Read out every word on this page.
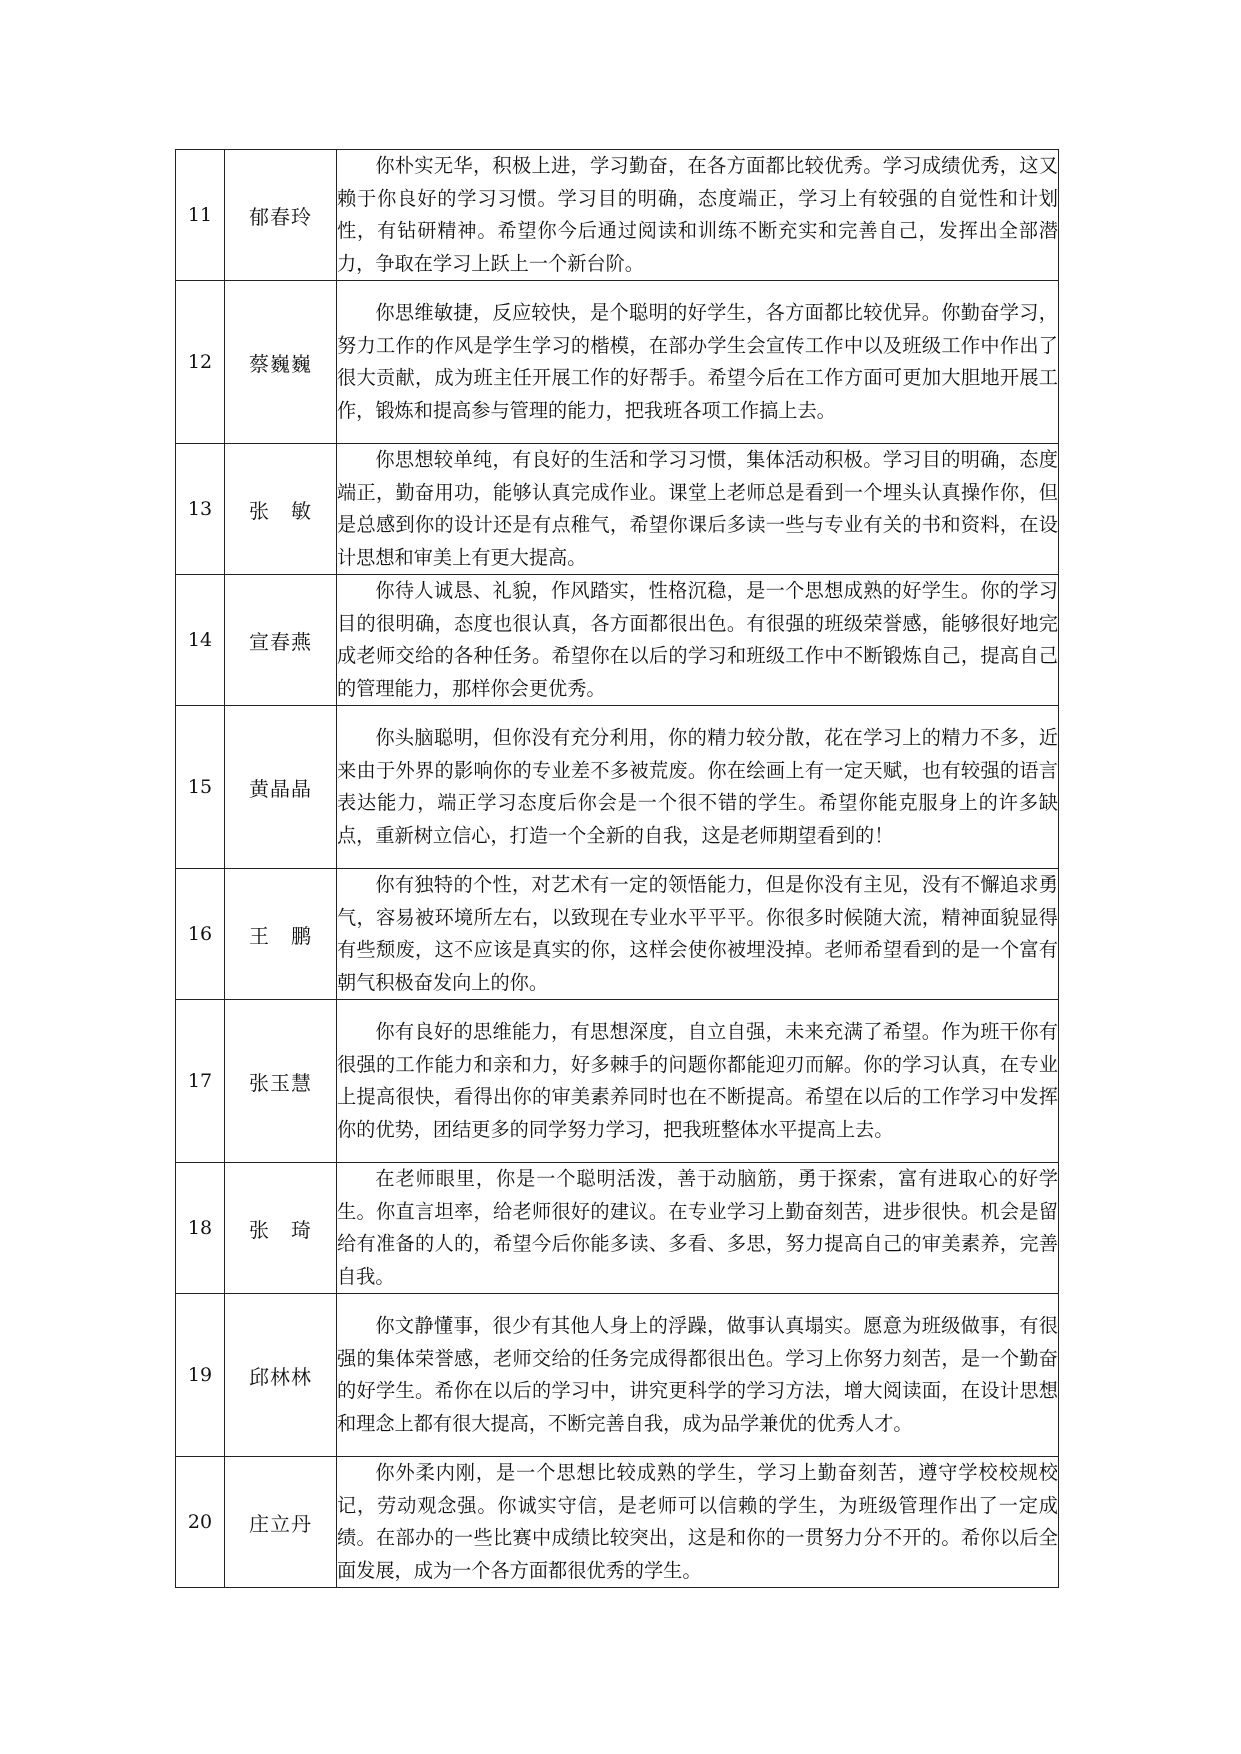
11	郁春玲	你朴实无华，积极上进，学习勤奋，在各方面都比较优秀。学习成绩优秀，这又赖于你良好的学习习惯。学习目的明确，态度端正，学习上有较强的自觉性和计划性，有钻研精神。希望你今后通过阅读和训练不断充实和完善自己，发挥出全部潜力，争取在学习上跃上一个新台阶。
12	蔡巍巍	你思维敏捷，反应较快，是个聪明的好学生，各方面都比较优异。你勤奋学习，努力工作的作风是学生学习的楷模，在部办学生会宣传工作中以及班级工作中作出了很大贡献，成为班主任开展工作的好帮手。希望今后在工作方面可更加大胆地开展工作，锻炼和提高参与管理的能力，把我班各项工作搞上去。
13	张　敏	你思想较单纯，有良好的生活和学习习惯，集体活动积极。学习目的明确，态度端正，勤奋用功，能够认真完成作业。课堂上老师总是看到一个埋头认真操作你，但是总感到你的设计还是有点稚气，希望你课后多读一些与专业有关的书和资料，在设计思想和审美上有更大提高。
14	宣春燕	你待人诚恳、礼貌，作风踏实，性格沉稳，是一个思想成熟的好学生。你的学习目的很明确，态度也很认真，各方面都很出色。有很强的班级荣誉感，能够很好地完成老师交给的各种任务。希望你在以后的学习和班级工作中不断锻炼自己，提高自己的管理能力，那样你会更优秀。
15	黄晶晶	你头脑聪明，但你没有充分利用，你的精力较分散，花在学习上的精力不多，近来由于外界的影响你的专业差不多被荒废。你在绘画上有一定天赋，也有较强的语言表达能力，端正学习态度后你会是一个很不错的学生。希望你能克服身上的许多缺点，重新树立信心，打造一个全新的自我，这是老师期望看到的！
16	王　鹏	你有独特的个性，对艺术有一定的领悟能力，但是你没有主见，没有不懈追求勇气，容易被环境所左右，以致现在专业水平平平。你很多时候随大流，精神面貌显得有些颓废，这不应该是真实的你，这样会使你被埋没掉。老师希望看到的是一个富有朝气积极奋发向上的你。
17	张玉慧	你有良好的思维能力，有思想深度，自立自强，未来充满了希望。作为班干你有很强的工作能力和亲和力，好多棘手的问题你都能迎刃而解。你的学习认真，在专业上提高很快，看得出你的审美素养同时也在不断提高。希望在以后的工作学习中发挥你的优势，团结更多的同学努力学习，把我班整体水平提高上去。
18	张　琦	在老师眼里，你是一个聪明活泼，善于动脑筋，勇于探索，富有进取心的好学生。你直言坦率，给老师很好的建议。在专业学习上勤奋刻苦，进步很快。机会是留给有准备的人的，希望今后你能多读、多看、多思，努力提高自己的审美素养，完善自我。
19	邱林林	你文静懂事，很少有其他人身上的浮躁，做事认真塌实。愿意为班级做事，有很强的集体荣誉感，老师交给的任务完成得都很出色。学习上你努力刻苦，是一个勤奋的好学生。希你在以后的学习中，讲究更科学的学习方法，增大阅读面，在设计思想和理念上都有很大提高，不断完善自我，成为品学兼优的优秀人才。
20	庄立丹	你外柔内刚，是一个思想比较成熟的学生，学习上勤奋刻苦，遵守学校校规校记，劳动观念强。你诚实守信，是老师可以信赖的学生，为班级管理作出了一定成绩。在部办的一些比赛中成绩比较突出，这是和你的一贯努力分不开的。希你以后全面发展，成为一个各方面都很优秀的学生。
